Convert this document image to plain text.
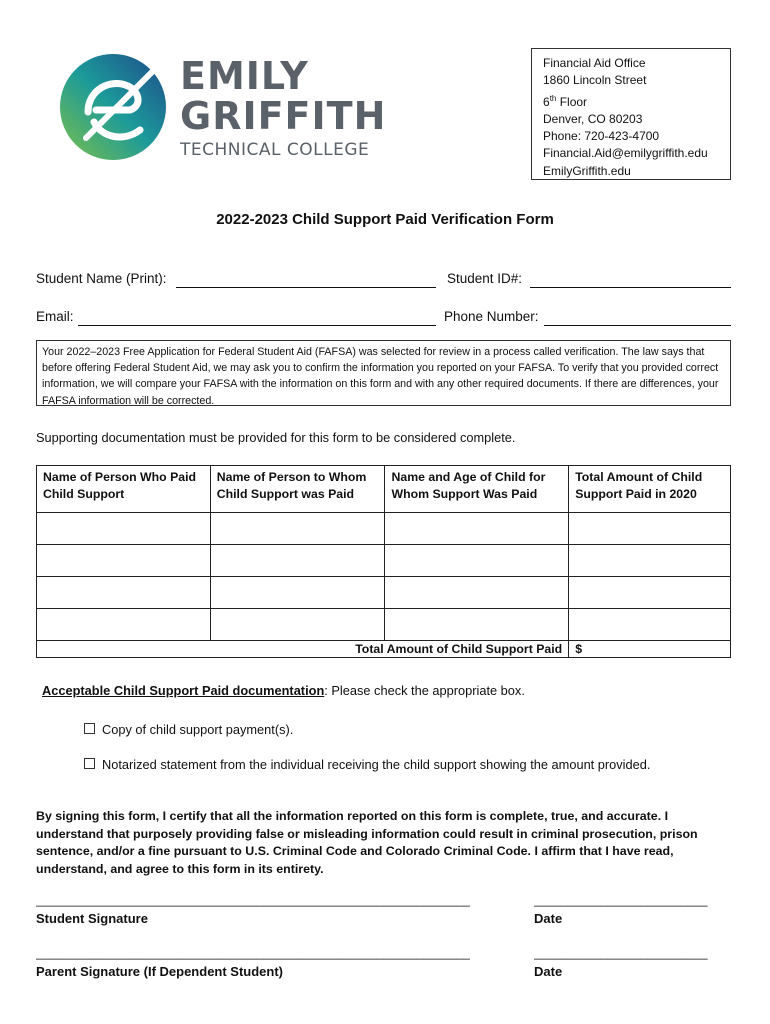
EMILY
GRIFFITH
TECHNICAL COLLEGE
Financial Aid Office
1860 Lincoln Street
6th Floor
Denver, CO 80203
Phone: 720-423-4700
Financial.Aid@emilygriffith.edu
EmilyGriffith.edu
2022-2023 Child Support Paid Verification Form
Student Name (Print):	Student ID#:
Email:	Phone Number:
Your 2022–2023 Free Application for Federal Student Aid (FAFSA) was selected for review in a process called verification. The law says that before offering Federal Student Aid, we may ask you to confirm the information you reported on your FAFSA. To verify that you provided correct information, we will compare your FAFSA with the information on this form and with any other required documents. If there are differences, your FAFSA information will be corrected.
Supporting documentation must be provided for this form to be considered complete.
Name of Person Who Paid Child Support	Name of Person to Whom Child Support was Paid	Name and Age of Child for Whom Support Was Paid	Total Amount of Child Support Paid in 2020

Total Amount of Child Support Paid			$
Acceptable Child Support Paid documentation: Please check the appropriate box.
Copy of child support payment(s).
Notarized statement from the individual receiving the child support showing the amount provided.
By signing this form, I certify that all the information reported on this form is complete, true, and accurate. I understand that purposely providing false or misleading information could result in criminal prosecution, prison sentence, and/or a fine pursuant to U.S. Criminal Code and Colorado Criminal Code. I affirm that I have read, understand, and agree to this form in its entirety.
_________________________________________________________________	__________________________
Student Signature	Date
_________________________________________________________________	__________________________
Parent Signature (If Dependent Student)	Date
